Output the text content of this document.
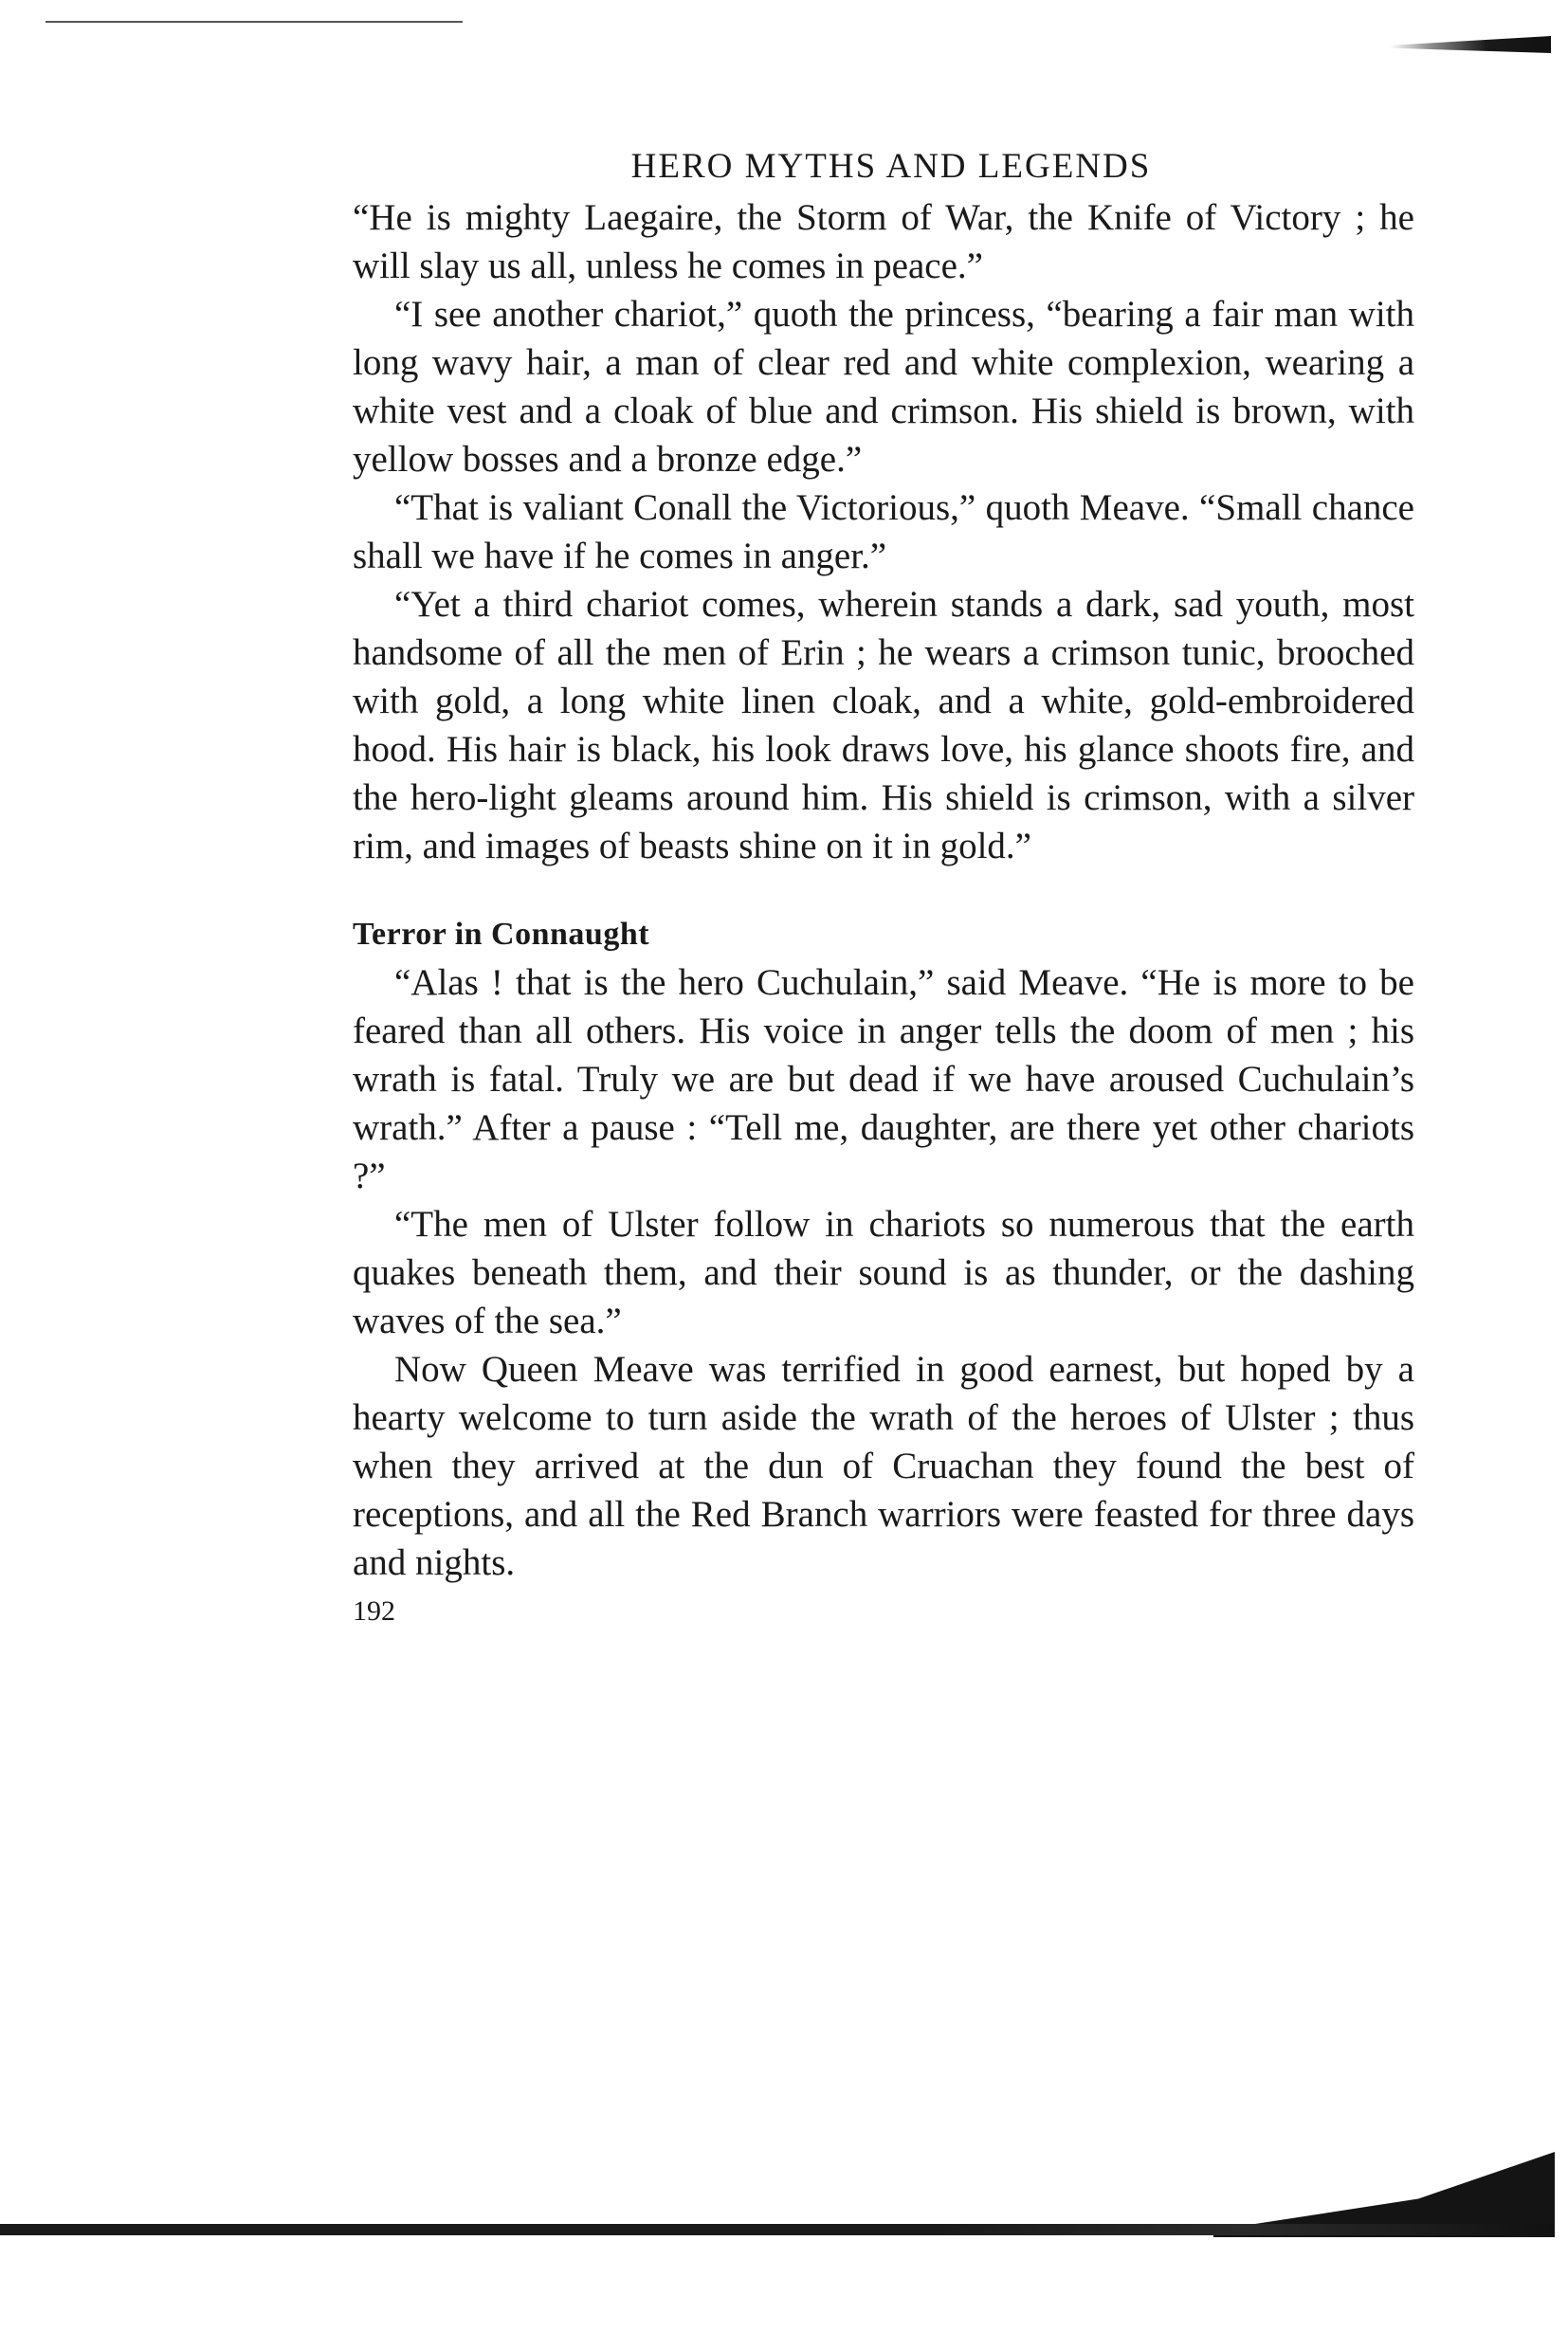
HERO MYTHS AND LEGENDS

“He is mighty Laegaire, the Storm of War, the Knife of Victory ; he will slay us all, unless he comes in peace.”

“I see another chariot,” quoth the princess, “bearing a fair man with long wavy hair, a man of clear red and white complexion, wearing a white vest and a cloak of blue and crimson. His shield is brown, with yellow bosses and a bronze edge.”

“That is valiant Conall the Victorious,” quoth Meave. “Small chance shall we have if he comes in anger.”

“Yet a third chariot comes, wherein stands a dark, sad youth, most handsome of all the men of Erin ; he wears a crimson tunic, brooched with gold, a long white linen cloak, and a white, gold-embroidered hood. His hair is black, his look draws love, his glance shoots fire, and the hero-light gleams around him. His shield is crimson, with a silver rim, and images of beasts shine on it in gold.”

Terror in Connaught

“Alas ! that is the hero Cuchulain,” said Meave. “He is more to be feared than all others. His voice in anger tells the doom of men ; his wrath is fatal. Truly we are but dead if we have aroused Cuchulain’s wrath.” After a pause : “Tell me, daughter, are there yet other chariots ?”

“The men of Ulster follow in chariots so numerous that the earth quakes beneath them, and their sound is as thunder, or the dashing waves of the sea.”

Now Queen Meave was terrified in good earnest, but hoped by a hearty welcome to turn aside the wrath of the heroes of Ulster ; thus when they arrived at the dun of Cruachan they found the best of receptions, and all the Red Branch warriors were feasted for three days and nights.

192
